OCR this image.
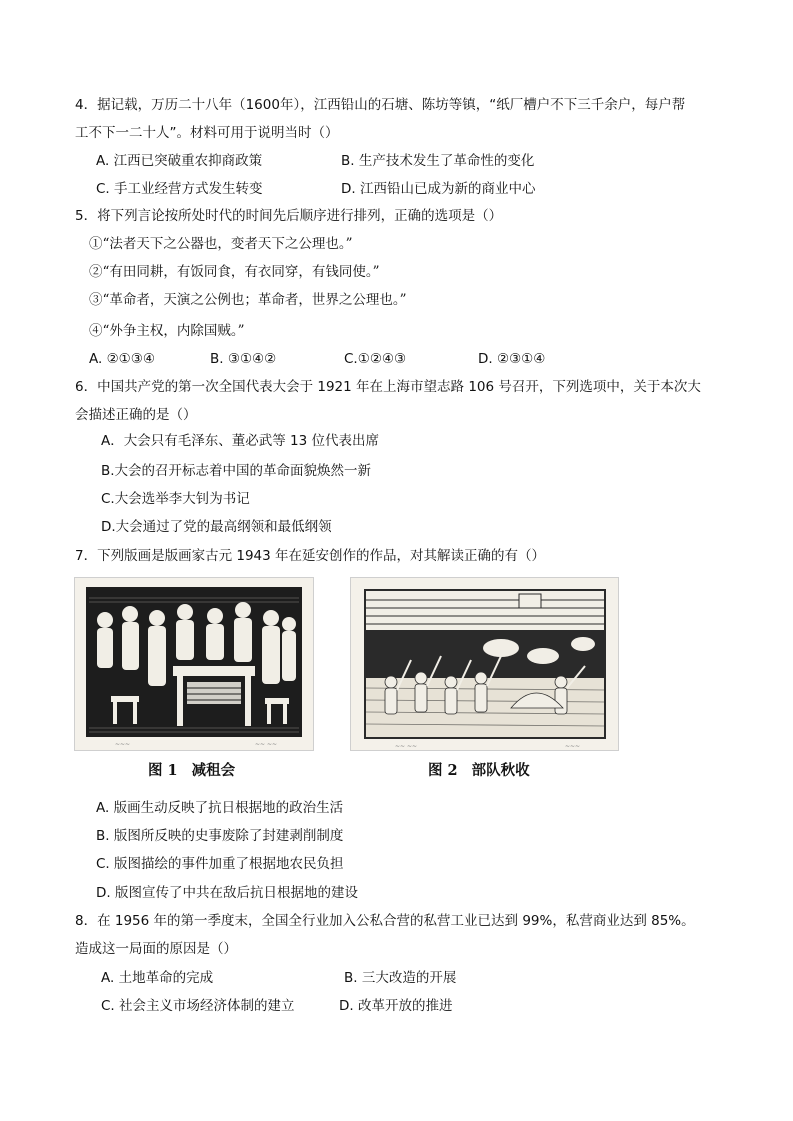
4．据记载，万历二十八年（1600年），江西铅山的石塘、陈坊等镇，“纸厂槽户不下三千余户，每户帮
工不下一二十人”。材料可用于说明当时（）
A. 江西已突破重农抑商政策	B. 生产技术发生了革命性的变化
C. 手工业经营方式发生转变	D. 江西铅山已成为新的商业中心
5．将下列言论按所处时代的时间先后顺序进行排列，正确的选项是（）
①“法者天下之公器也，变者天下之公理也。”
②“有田同耕，有饭同食，有衣同穿，有钱同使。”
③“革命者，天演之公例也；革命者，世界之公理也。”
④“外争主权，内除国贼。”
A. ②①③④	B. ③①④②	C.①②④③	D. ②③①④
6．中国共产党的第一次全国代表大会于 1921 年在上海市望志路 106 号召开，下列选项中，关于本次大
会描述正确的是（）
A．大会只有毛泽东、董必武等 13 位代表出席
B.大会的召开标志着中国的革命面貌焕然一新
C.大会选举李大钊为书记
D.大会通过了党的最高纲领和最低纲领
7．下列版画是版画家古元 1943 年在延安创作的作品，对其解读正确的有（）
~~~	~~ ~~
图 1 减租会
~~ ~~	~~~
图 2 部队秋收
A. 版画生动反映了抗日根据地的政治生活
B. 版图所反映的史事废除了封建剥削制度
C. 版图描绘的事件加重了根据地农民负担
D. 版图宣传了中共在敌后抗日根据地的建设
8．在 1956 年的第一季度末，全国全行业加入公私合营的私营工业已达到 99%，私营商业达到 85%。
造成这一局面的原因是（）
A. 土地革命的完成	B. 三大改造的开展
C. 社会主义市场经济体制的建立	D. 改革开放的推进
